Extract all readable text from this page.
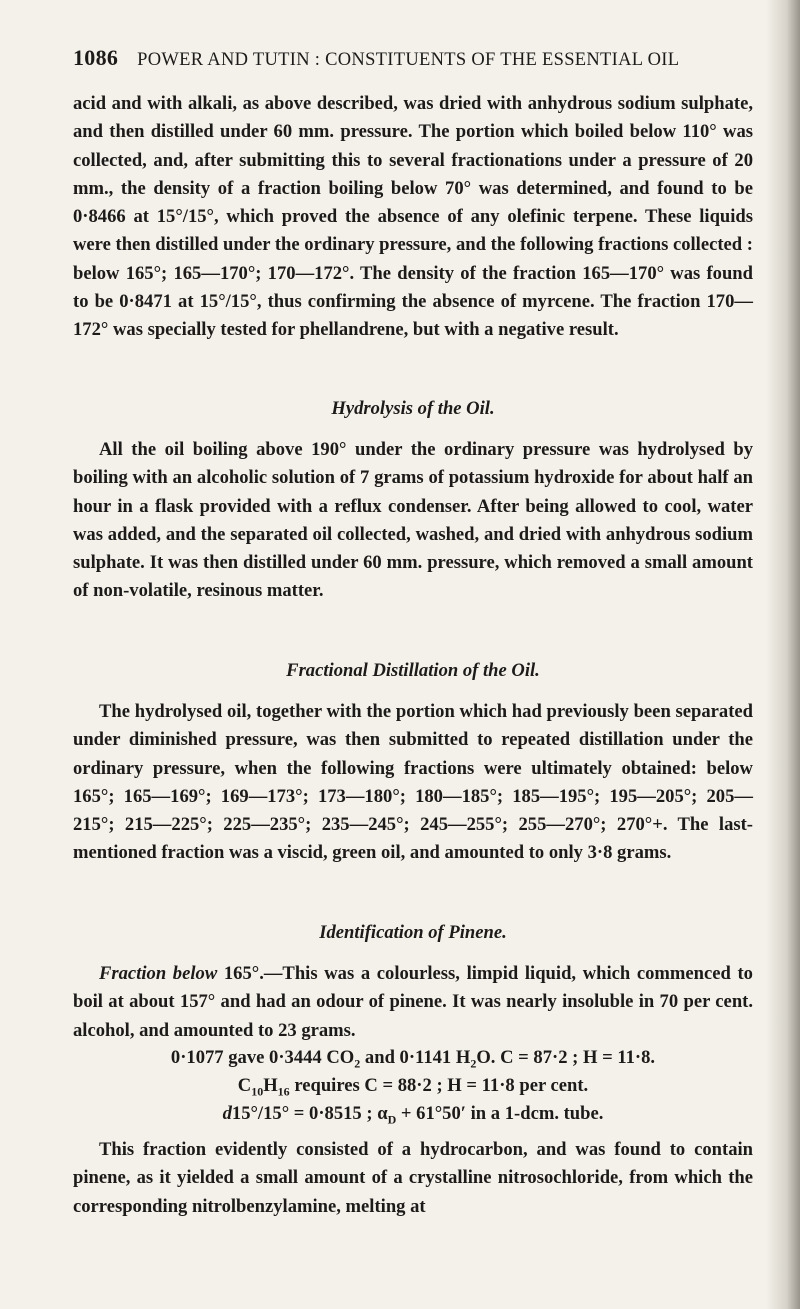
1086 POWER AND TUTIN : CONSTITUENTS OF THE ESSENTIAL OIL

acid and with alkali, as above described, was dried with anhydrous sodium sulphate, and then distilled under 60 mm. pressure. The portion which boiled below 110° was collected, and, after submitting this to several fractionations under a pressure of 20 mm., the density of a fraction boiling below 70° was determined, and found to be 0·8466 at 15°/15°, which proved the absence of any olefinic terpene. These liquids were then distilled under the ordinary pressure, and the following fractions collected : below 165°; 165—170°; 170—172°. The density of the fraction 165—170° was found to be 0·8471 at 15°/15°, thus confirming the absence of myrcene. The fraction 170—172° was specially tested for phellandrene, but with a negative result.

Hydrolysis of the Oil.

All the oil boiling above 190° under the ordinary pressure was hydrolysed by boiling with an alcoholic solution of 7 grams of potassium hydroxide for about half an hour in a flask provided with a reflux condenser. After being allowed to cool, water was added, and the separated oil collected, washed, and dried with anhydrous sodium sulphate. It was then distilled under 60 mm. pressure, which removed a small amount of non-volatile, resinous matter.

Fractional Distillation of the Oil.

The hydrolysed oil, together with the portion which had previously been separated under diminished pressure, was then submitted to repeated distillation under the ordinary pressure, when the following fractions were ultimately obtained: below 165°; 165—169°; 169—173°; 173—180°; 180—185°; 185—195°; 195—205°; 205—215°; 215—225°; 225—235°; 235—245°; 245—255°; 255—270°; 270°+. The last-mentioned fraction was a viscid, green oil, and amounted to only 3·8 grams.

Identification of Pinene.

Fraction below 165°.—This was a colourless, limpid liquid, which commenced to boil at about 157° and had an odour of pinene. It was nearly insoluble in 70 per cent. alcohol, and amounted to 23 grams.

0·1077 gave 0·3444 $CO_2$ and 0·1141 $H_2O$. C = 87·2 ; H = 11·8.
$C_{10}H_{16}$ requires C = 88·2 ; H = 11·8 per cent.
d15°/15° = 0·8515 ; $\alpha_D + 61^\circ 50'$ in a 1-dcm. tube.

This fraction evidently consisted of a hydrocarbon, and was found to contain pinene, as it yielded a small amount of a crystalline nitrosochloride, from which the corresponding nitrolbenzylamine, melting at
